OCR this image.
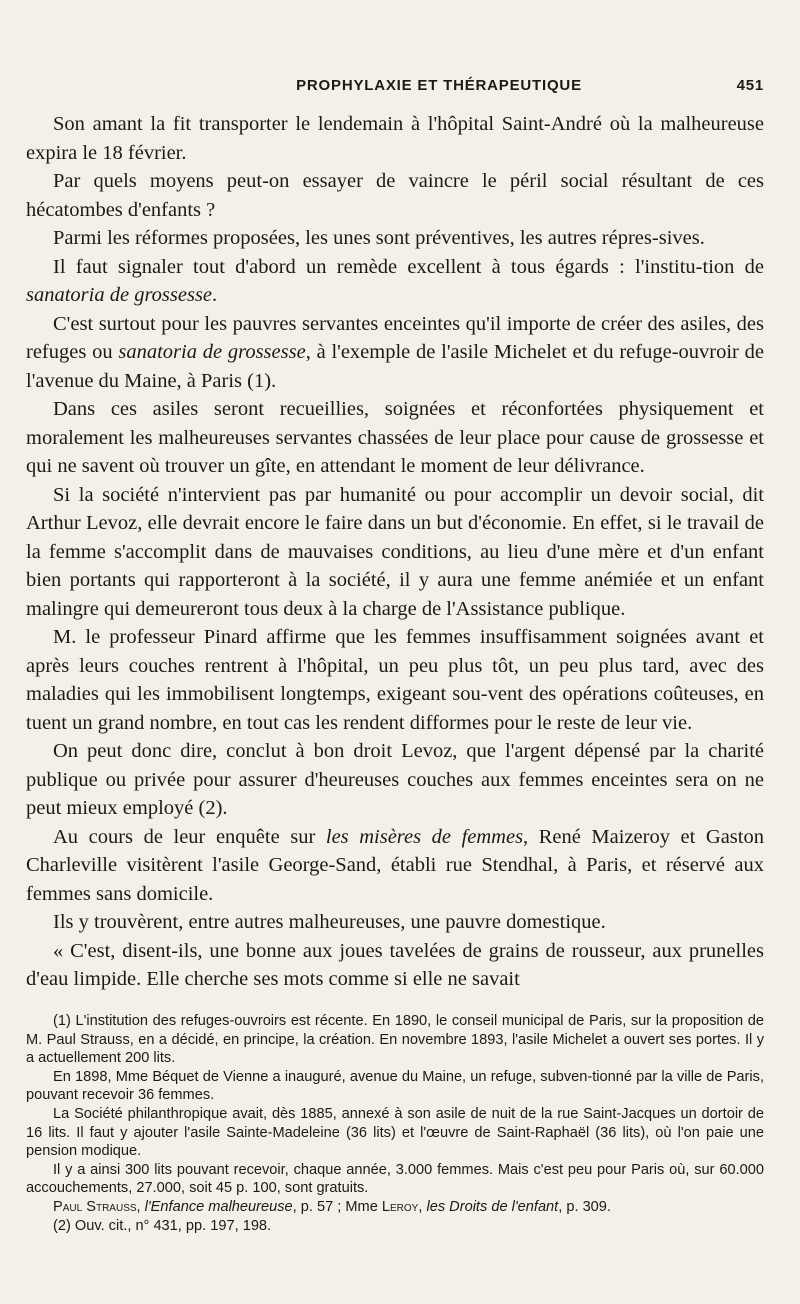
PROPHYLAXIE ET THÉRAPEUTIQUE	451

Son amant la fit transporter le lendemain à l'hôpital Saint-André où la malheureuse expira le 18 février.

Par quels moyens peut-on essayer de vaincre le péril social résultant de ces hécatombes d'enfants ?

Parmi les réformes proposées, les unes sont préventives, les autres répres-sives.

Il faut signaler tout d'abord un remède excellent à tous égards : l'institu-tion de sanatoria de grossesse.

C'est surtout pour les pauvres servantes enceintes qu'il importe de créer des asiles, des refuges ou sanatoria de grossesse, à l'exemple de l'asile Michelet et du refuge-ouvroir de l'avenue du Maine, à Paris (1).

Dans ces asiles seront recueillies, soignées et réconfortées physiquement et moralement les malheureuses servantes chassées de leur place pour cause de grossesse et qui ne savent où trouver un gîte, en attendant le moment de leur délivrance.

Si la société n'intervient pas par humanité ou pour accomplir un devoir social, dit Arthur Levoz, elle devrait encore le faire dans un but d'économie. En effet, si le travail de la femme s'accomplit dans de mauvaises conditions, au lieu d'une mère et d'un enfant bien portants qui rapporteront à la société, il y aura une femme anémiée et un enfant malingre qui demeureront tous deux à la charge de l'Assistance publique.

M. le professeur Pinard affirme que les femmes insuffisamment soignées avant et après leurs couches rentrent à l'hôpital, un peu plus tôt, un peu plus tard, avec des maladies qui les immobilisent longtemps, exigeant sou-vent des opérations coûteuses, en tuent un grand nombre, en tout cas les rendent difformes pour le reste de leur vie.

On peut donc dire, conclut à bon droit Levoz, que l'argent dépensé par la charité publique ou privée pour assurer d'heureuses couches aux femmes enceintes sera on ne peut mieux employé (2).

Au cours de leur enquête sur les misères de femmes, René Maizeroy et Gaston Charleville visitèrent l'asile George-Sand, établi rue Stendhal, à Paris, et réservé aux femmes sans domicile.

Ils y trouvèrent, entre autres malheureuses, une pauvre domestique.

« C'est, disent-ils, une bonne aux joues tavelées de grains de rousseur, aux prunelles d'eau limpide. Elle cherche ses mots comme si elle ne savait

(1) L'institution des refuges-ouvroirs est récente. En 1890, le conseil municipal de Paris, sur la proposition de M. Paul Strauss, en a décidé, en principe, la création. En novembre 1893, l'asile Michelet a ouvert ses portes. Il y a actuellement 200 lits.

En 1898, Mme Béquet de Vienne a inauguré, avenue du Maine, un refuge, subven-tionné par la ville de Paris, pouvant recevoir 36 femmes.

La Société philanthropique avait, dès 1885, annexé à son asile de nuit de la rue Saint-Jacques un dortoir de 16 lits. Il faut y ajouter l'asile Sainte-Madeleine (36 lits) et l'œuvre de Saint-Raphaël (36 lits), où l'on paie une pension modique.

Il y a ainsi 300 lits pouvant recevoir, chaque année, 3.000 femmes. Mais c'est peu pour Paris où, sur 60.000 accouchements, 27.000, soit 45 p. 100, sont gratuits.

Paul Strauss, l'Enfance malheureuse, p. 57 ; Mme Leroy, les Droits de l'enfant, p. 309.

(2) Ouv. cit., n° 431, pp. 197, 198.
